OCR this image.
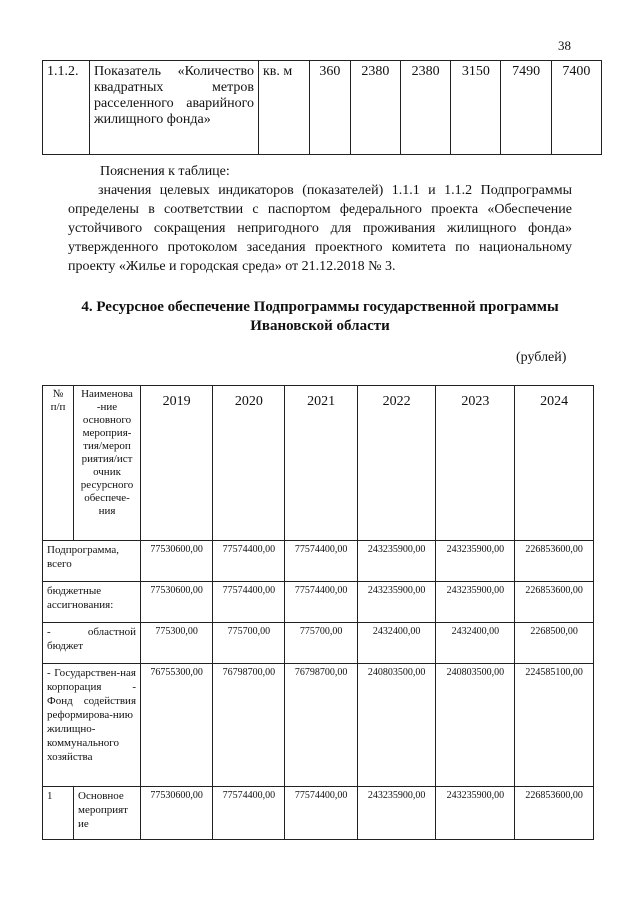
38
1.1.2.	Показатель «Количество квадратных метров расселенного аварийного жилищного фонда»	кв. м	360	2380	2380	3150	7490	7400
Пояснения к таблице:
значения целевых индикаторов (показателей) 1.1.1 и 1.1.2 Подпрограммы определены в соответствии с паспортом федерального проекта «Обеспечение устойчивого сокращения непригодного для проживания жилищного фонда» утвержденного протоколом заседания проектного комитета по национальному проекту «Жилье и городская среда» от 21.12.2018 № 3.
4. Ресурсное обеспечение Подпрограммы государственной программы Ивановской области
(рублей)
№ п/п	Наименова -ние основного мероприя- тия/мероп риятия/ист очник ресурсного обеспече- ния	2019	2020	2021	2022	2023	2024
Подпрограмма, всего		77530600,00	77574400,00	77574400,00	243235900,00	243235900,00	226853600,00
бюджетные ассигнования:		77530600,00	77574400,00	77574400,00	243235900,00	243235900,00	226853600,00
- областной бюджет		775300,00	775700,00	775700,00	2432400,00	2432400,00	2268500,00
- Государствен-ная корпорация - Фонд содействия реформирова-нию жилищно-коммунального хозяйства		76755300,00	76798700,00	76798700,00	240803500,00	240803500,00	224585100,00
1	Основное мероприят ие	77530600,00	77574400,00	77574400,00	243235900,00	243235900,00	226853600,00
